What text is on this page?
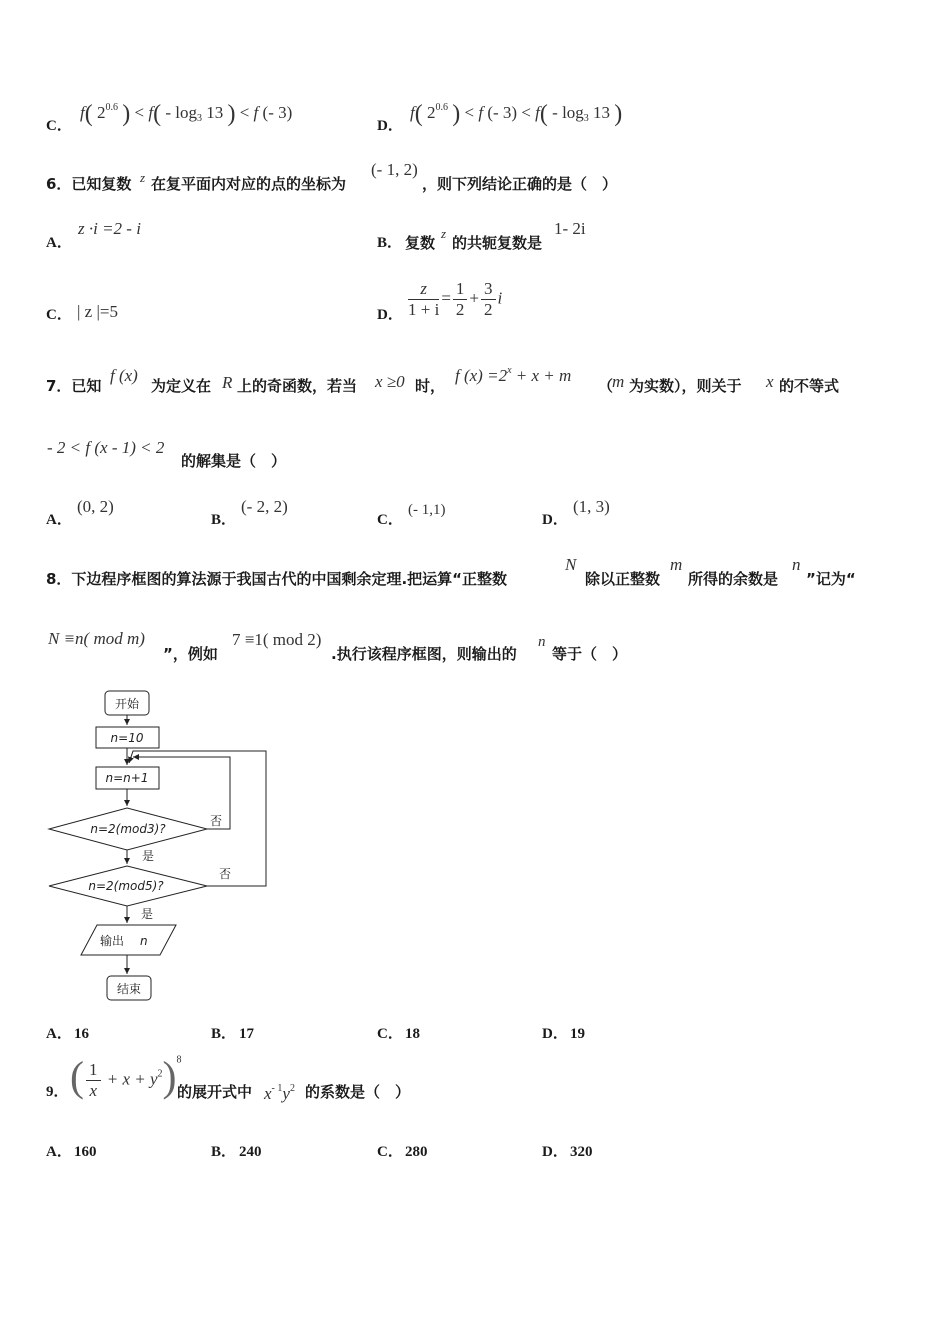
C．
f( $2^{0.6}$ ) < $f( - \log_3 13$ ) < f (- 3)
D．
f( $2^{0.6}$ ) < f (- $3) < f( - \log_3 13$ )
6．已知复数 z 在复平面内对应的点的坐标为
(- 1, 2)
，则下列结论正确的是（　）
A．
z ·i =2 - i
B． 复数
z
的共轭复数是
1- 2i
C． | z |=5	D． $\frac{z}{1 + i} = \frac{1}{2} + \frac{3}{2}$ i
7．已知
f (x)
为定义在 R 上的奇函数，若当 x ≥0 时，
f $(x) =2^x + x + m$
（
m 为实数），则关于 x 的不等式
- 2 < f (x - 1) < 2
的解集是（　）
A．
(0, 2)
B．
(- 2, 2)
C．
(- 1,1)
D．
(1, 3)
8．下边程序框图的算法源于我国古代的中国剩余定理.把运算“正整数
N
除以正整数
m
所得的余数是
n
”记为“
N ≡n( mod m)
”，例如
7 ≡1( mod 2)
.执行该程序框图，则输出的
n
等于（　）
开始
n=10
n=n+1
n=2(mod3)?
n=2(mod5)?
是
否
是
否
输出 n
结束
A． 16	B． 17	C． 18	D． 19
9． ( $\frac{1}{x} + x + y^2)^8$
的展开式中 $x^{- 1}y^2$ 的系数是（　）
A． 160	B． 240	C． 280	D． 320
